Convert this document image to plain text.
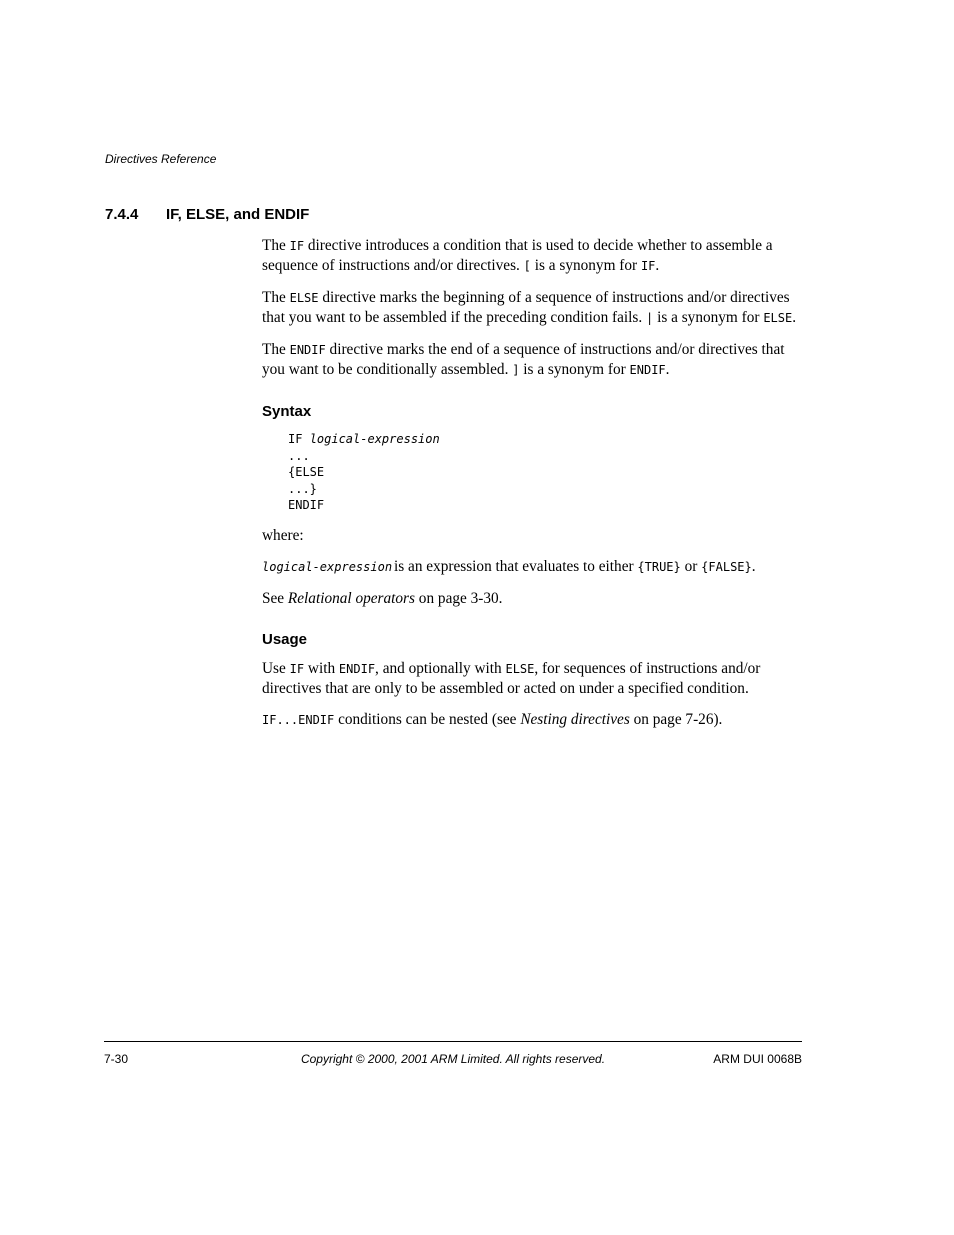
Directives Reference
7.4.4 IF, ELSE, and ENDIF

The IF directive introduces a condition that is used to decide whether to assemble a sequence of instructions and/or directives. [ is a synonym for IF.

The ELSE directive marks the beginning of a sequence of instructions and/or directives that you want to be assembled if the preceding condition fails. | is a synonym for ELSE.

The ENDIF directive marks the end of a sequence of instructions and/or directives that you want to be conditionally assembled. ] is a synonym for ENDIF.

Syntax
IF logical-expression
...
{ELSE
...}
ENDIF

where:

logical-expression is an expression that evaluates to either {TRUE} or {FALSE}.

See Relational operators on page 3-30.

Usage

Use IF with ENDIF, and optionally with ELSE, for sequences of instructions and/or directives that are only to be assembled or acted on under a specified condition.

IF...ENDIF conditions can be nested (see Nesting directives on page 7-26).

7-30	Copyright © 2000, 2001 ARM Limited. All rights reserved.	ARM DUI 0068B
